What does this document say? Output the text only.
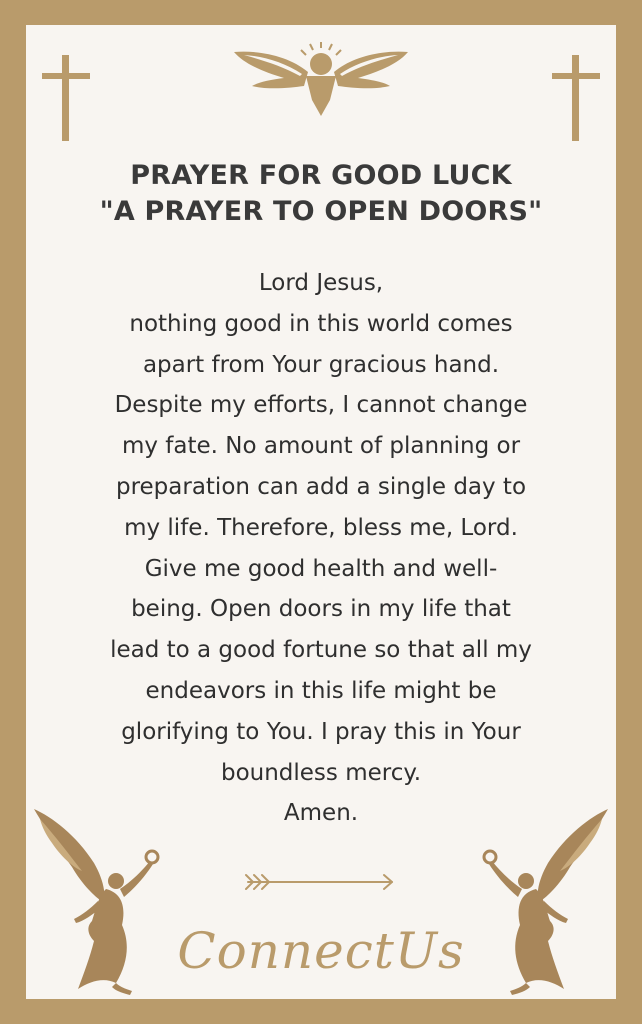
PRAYER FOR GOOD LUCK
"A PRAYER TO OPEN DOORS"
Lord Jesus,
nothing good in this world comes
apart from Your gracious hand.
Despite my efforts, I cannot change
my fate. No amount of planning or
preparation can add a single day to
my life. Therefore, bless me, Lord.
Give me good health and well-
being. Open doors in my life that
lead to a good fortune so that all my
endeavors in this life might be
glorifying to You. I pray this in Your
boundless mercy.
Amen.
ConnectUs
